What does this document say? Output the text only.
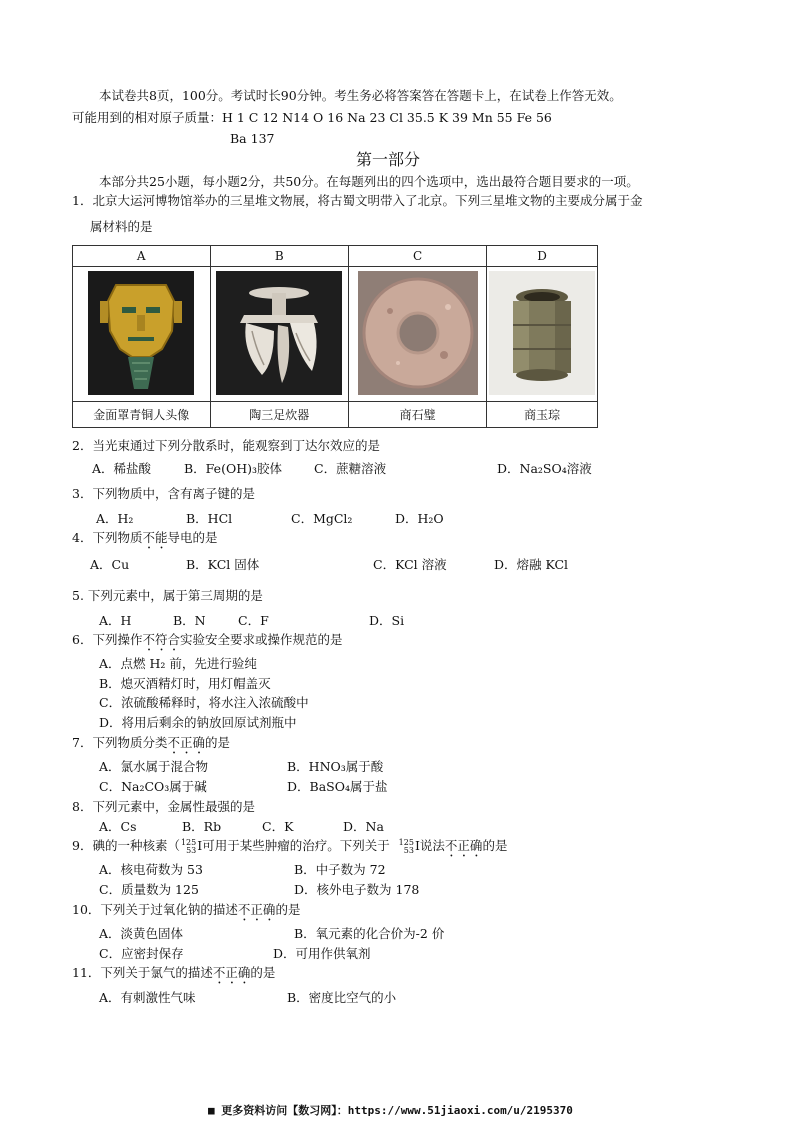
本试卷共8页，100分。考试时长90分钟。考生务必将答案答在答题卡上，在试卷上作答无效。
可能用到的相对原子质量：H 1 C 12 N14 O 16 Na 23 Cl 35.5 K 39 Mn 55 Fe 56
Ba 137
第一部分
本部分共25小题，每小题2分，共50分。在每题列出的四个选项中，选出最符合题目要求的一项。
1．北京大运河博物馆举办的三星堆文物展，将古蜀文明带入了北京。下列三星堆文物的主要成分属于金
属材料的是
A	B	C	D

金面罩青铜人头像	陶三足炊器	商石璧	商玉琮
2．当光束通过下列分散系时，能观察到丁达尔效应的是
A．稀盐酸	B．Fe(OH)₃胶体	C．蔗糖溶液	D．Na₂SO₄溶液
3．下列物质中，含有离子键的是
A．H₂	B．HCl	C．MgCl₂	D．H₂O
4．下列物质不能导电的是
A．Cu	B．KCl 固体	C．KCl 溶液	D．熔融 KCl
5. 下列元素中，属于第三周期的是
A．H	B．N	C．F	D．Si
6．下列操作不符合实验安全要求或操作规范的是
A．点燃 H₂ 前，先进行验纯
B．熄灭酒精灯时，用灯帽盖灭
C．浓硫酸稀释时，将水注入浓硫酸中
D．将用后剩余的钠放回原试剂瓶中
7．下列物质分类不正确的是
A．氯水属于混合物	B．HNO₃属于酸
C．Na₂CO₃属于碱	D．BaSO₄属于盐
8．下列元素中，金属性最强的是
A．Cs	B．Rb	C．K	D．Na
9．碘的一种核素（125
53I可用于某些肿瘤的治疗。下列关于 125
53I说法不正确的是
A．核电荷数为 53	B．中子数为 72
C．质量数为 125	D．核外电子数为 178
10．下列关于过氧化钠的描述不正确的是
A．淡黄色固体	B．氧元素的化合价为-2 价
C．应密封保存	D．可用作供氧剂
11．下列关于氯气的描述不正确的是
A．有刺激性气味	B．密度比空气的小
■ 更多资料访问【数习网】：https://www.51jiaoxi.com/u/2195370
